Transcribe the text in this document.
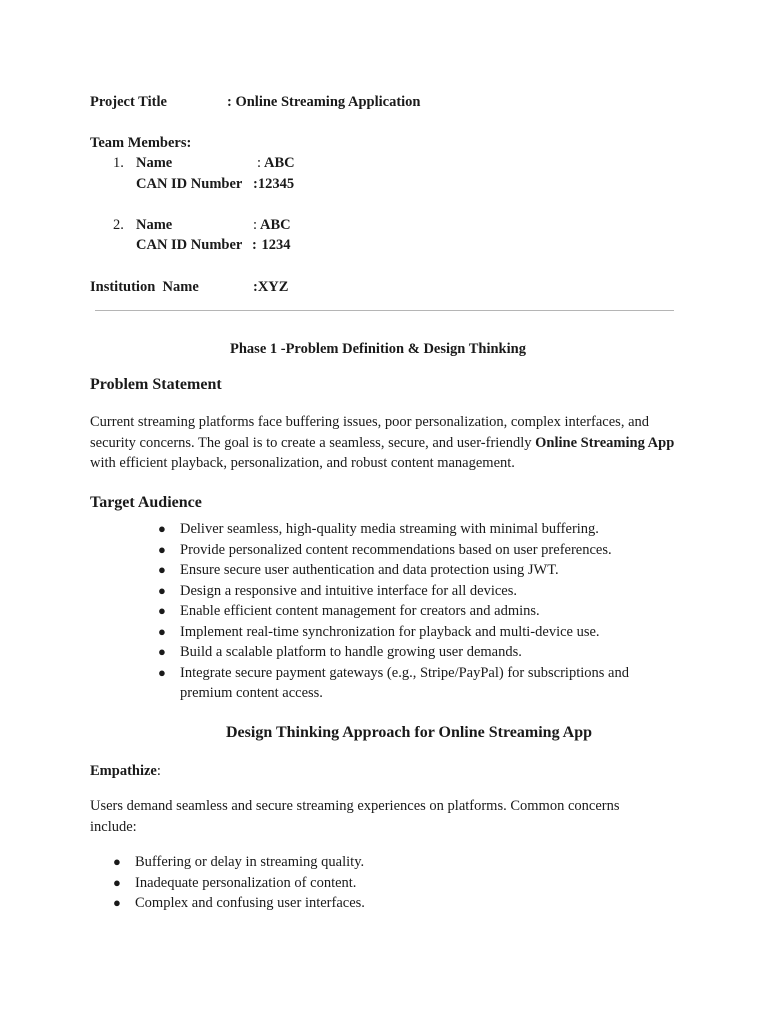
Project Title	: Online Streaming Application
Team Members:
1. Name	: ABC
CAN ID Number :12345
2. Name	: ABC
CAN ID Number : 1234
Institution  Name	:XYZ
Phase 1 -Problem Definition & Design Thinking
Problem Statement
Current streaming platforms face buffering issues, poor personalization, complex interfaces, and security concerns. The goal is to create a seamless, secure, and user-friendly Online Streaming App with efficient playback, personalization, and robust content management.
Target Audience
● Deliver seamless, high-quality media streaming with minimal buffering.
● Provide personalized content recommendations based on user preferences.
● Ensure secure user authentication and data protection using JWT.
● Design a responsive and intuitive interface for all devices.
● Enable efficient content management for creators and admins.
● Implement real-time synchronization for playback and multi-device use.
● Build a scalable platform to handle growing user demands.
● Integrate secure payment gateways (e.g., Stripe/PayPal) for subscriptions and premium content access.
Design Thinking Approach for Online Streaming App
Empathize:
Users demand seamless and secure streaming experiences on platforms. Common concerns include:
● Buffering or delay in streaming quality.
● Inadequate personalization of content.
● Complex and confusing user interfaces.
